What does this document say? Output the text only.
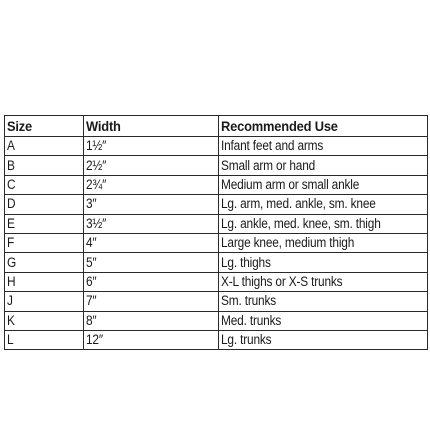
Size	Width	Recommended Use
A	1½″	Infant feet and arms
B	2½″	Small arm or hand
C	2¾″	Medium arm or small ankle
D	3″	Lg. arm, med. ankle, sm. knee
E	3½″	Lg. ankle, med. knee, sm. thigh
F	4″	Large knee, medium thigh
G	5″	Lg. thighs
H	6″	X-L thighs or X-S trunks
J	7″	Sm. trunks
K	8″	Med. trunks
L	12″	Lg. trunks
